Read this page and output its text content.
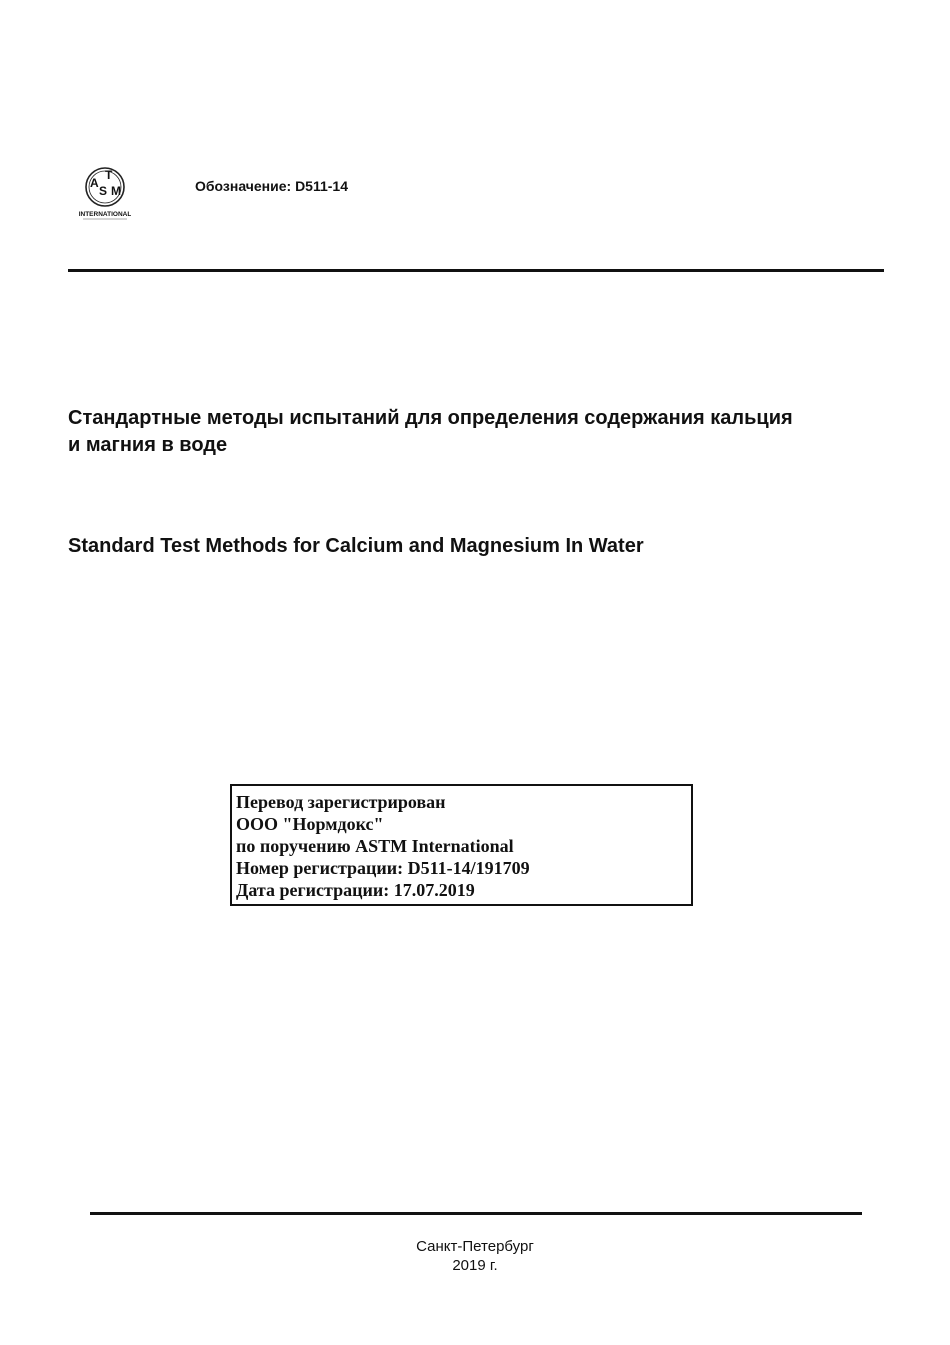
A
S
T
M
INTERNATIONAL
Обозначение: D511-14
Стандартные методы испытаний для определения содержания кальция
и магния в воде
Standard Test Methods for Calcium and Magnesium In Water
Перевод зарегистрирован
ООО "Нормдокс"
по поручению ASTM International
Номер регистрации: D511-14/191709
Дата регистрации: 17.07.2019
Санкт-Петербург
2019 г.
